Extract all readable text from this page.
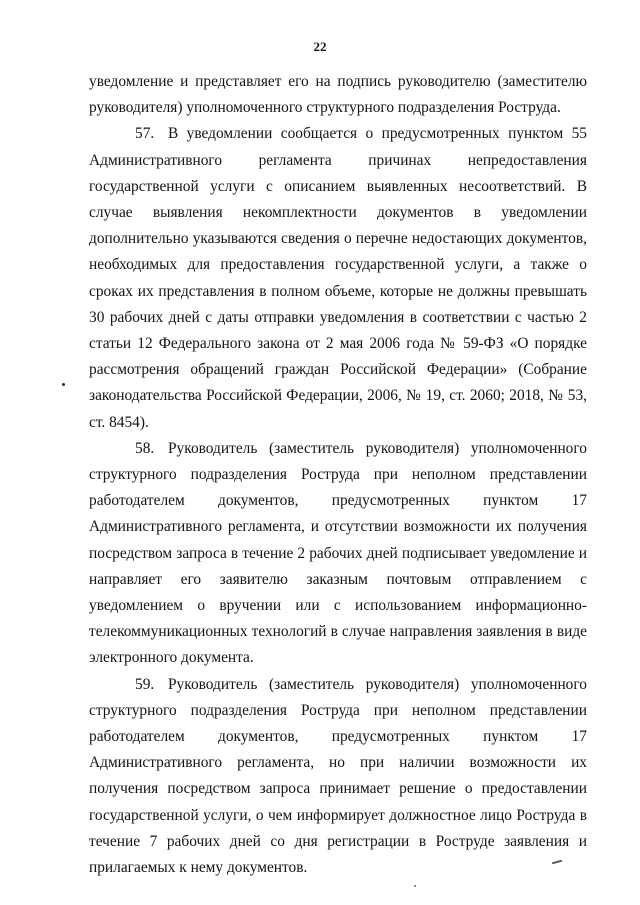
22

уведомление и представляет его на подпись руководителю (заместителю руководителя) уполномоченного структурного подразделения Роструда.

57. В уведомлении сообщается о предусмотренных пунктом 55 Административного регламента причинах непредоставления государственной услуги с описанием выявленных несоответствий. В случае выявления некомплектности документов в уведомлении дополнительно указываются сведения о перечне недостающих документов, необходимых для предоставления государственной услуги, а также о сроках их представления в полном объеме, которые не должны превышать 30 рабочих дней с даты отправки уведомления в соответствии с частью 2 статьи 12 Федерального закона от 2 мая 2006 года № 59-ФЗ «О порядке рассмотрения обращений граждан Российской Федерации» (Собрание законодательства Российской Федерации, 2006, № 19, ст. 2060; 2018, № 53, ст. 8454).

58. Руководитель (заместитель руководителя) уполномоченного структурного подразделения Роструда при неполном представлении работодателем документов, предусмотренных пунктом 17 Административного регламента, и отсутствии возможности их получения посредством запроса в течение 2 рабочих дней подписывает уведомление и направляет его заявителю заказным почтовым отправлением с уведомлением о вручении или с использованием информационно-телекоммуникационных технологий в случае направления заявления в виде электронного документа.

59. Руководитель (заместитель руководителя) уполномоченного структурного подразделения Роструда при неполном представлении работодателем документов, предусмотренных пунктом 17 Административного регламента, но при наличии возможности их получения посредством запроса принимает решение о предоставлении государственной услуги, о чем информирует должностное лицо Роструда в течение 7 рабочих дней со дня регистрации в Роструде заявления и прилагаемых к нему документов.
